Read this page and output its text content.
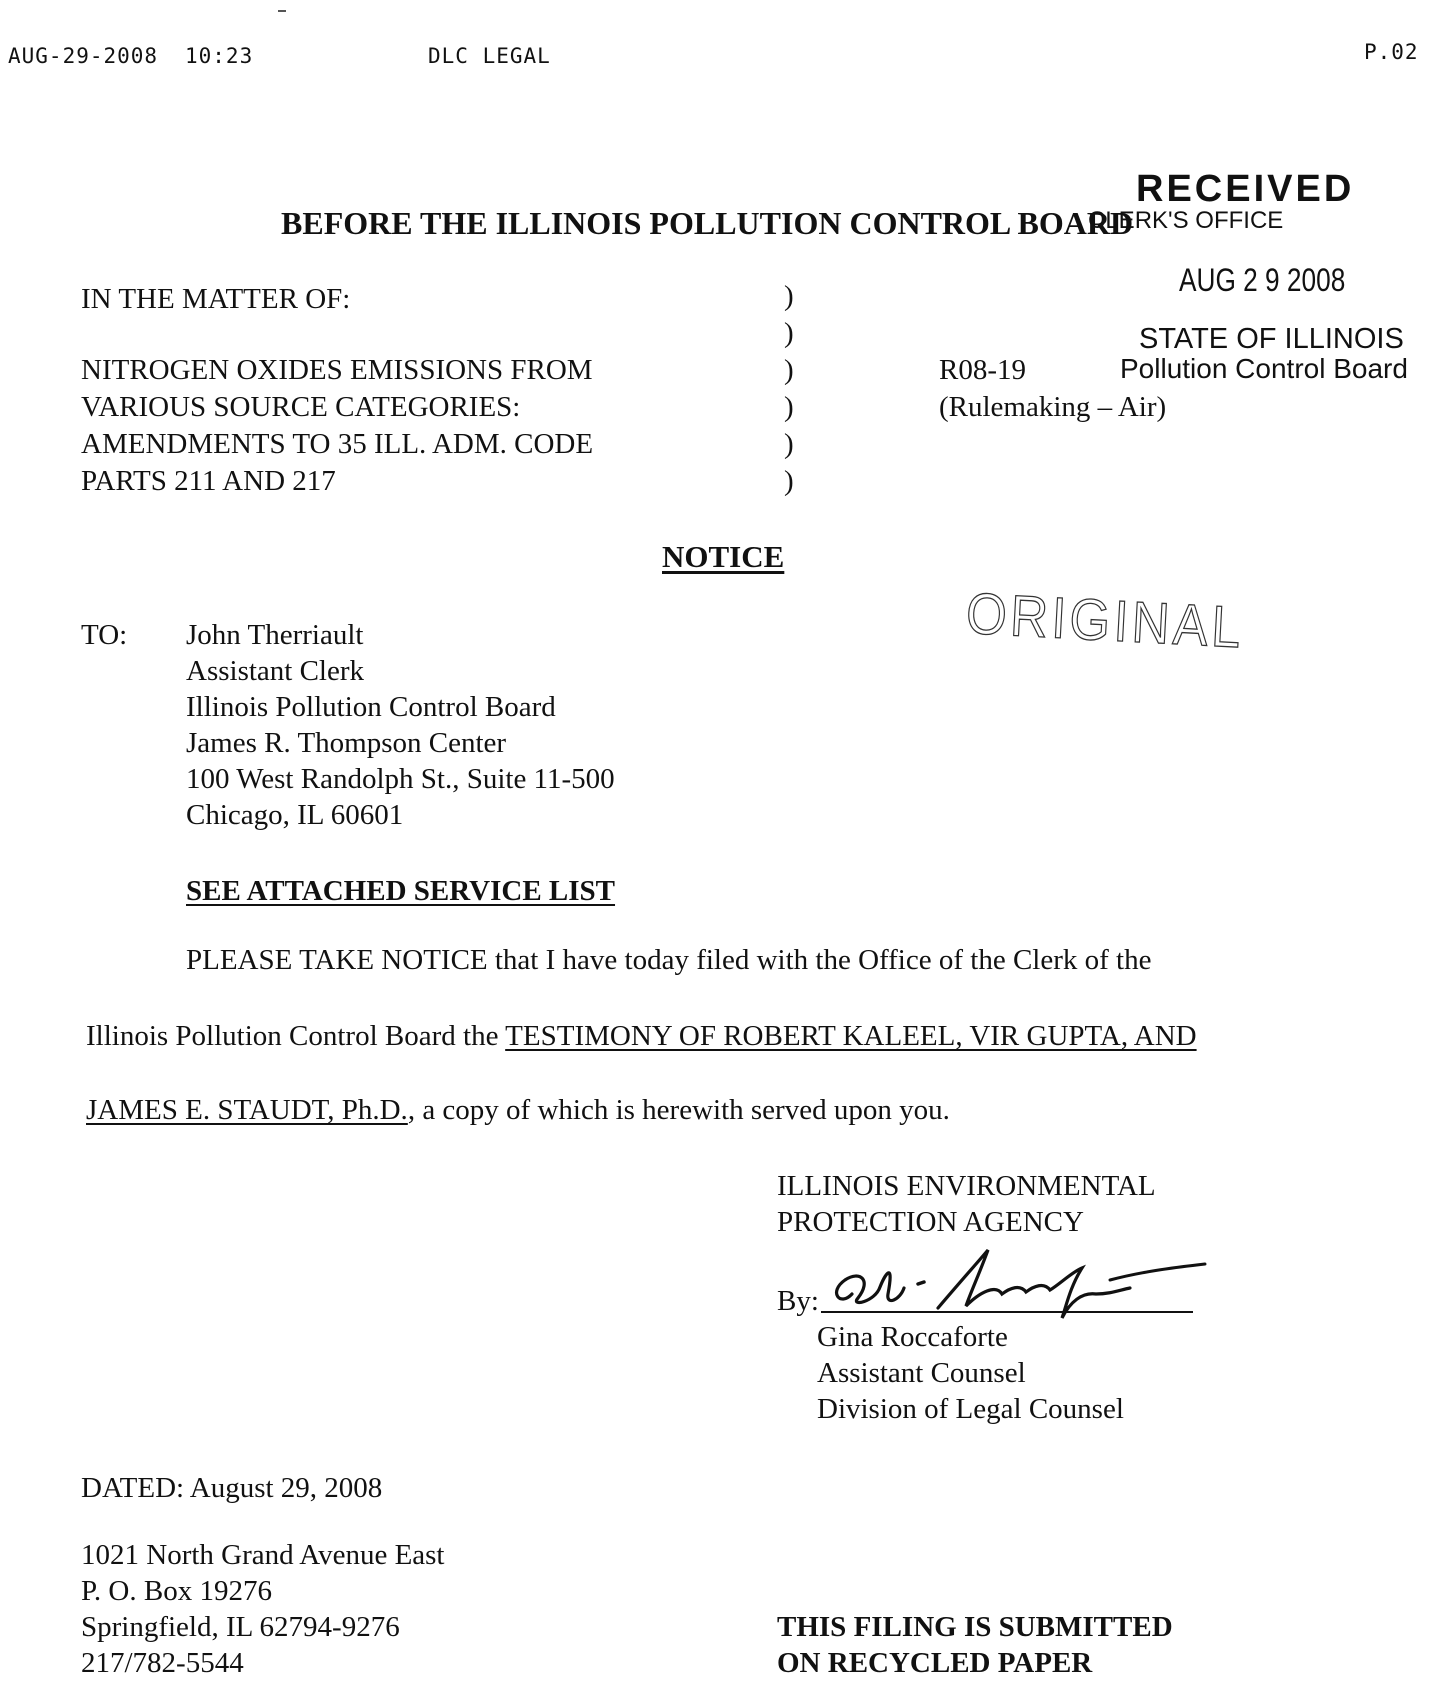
AUG-29-2008 10:23	DLC LEGAL	P.02
RECEIVED
CLERK'S OFFICE
AUG 2 9 2008
STATE OF ILLINOIS
Pollution Control Board
BEFORE THE ILLINOIS POLLUTION CONTROL BOARD
IN THE MATTER OF:
NITROGEN OXIDES EMISSIONS FROM
VARIOUS SOURCE CATEGORIES:
AMENDMENTS TO 35 ILL. ADM. CODE
PARTS 211 AND 217
)
)
)
)
)
)
R08-19
(Rulemaking – Air)
NOTICE
ORIGINAL
TO: John Therriault
Assistant Clerk
Illinois Pollution Control Board
James R. Thompson Center
100 West Randolph St., Suite 11-500
Chicago, IL 60601
SEE ATTACHED SERVICE LIST
PLEASE TAKE NOTICE that I have today filed with the Office of the Clerk of the
Illinois Pollution Control Board the TESTIMONY OF ROBERT KALEEL, VIR GUPTA, AND
JAMES E. STAUDT, Ph.D., a copy of which is herewith served upon you.
ILLINOIS ENVIRONMENTAL
PROTECTION AGENCY
By:
Gina Roccaforte
Assistant Counsel
Division of Legal Counsel
DATED: August 29, 2008
1021 North Grand Avenue East
P. O. Box 19276
Springfield, IL 62794-9276
217/782-5544
THIS FILING IS SUBMITTED
ON RECYCLED PAPER
